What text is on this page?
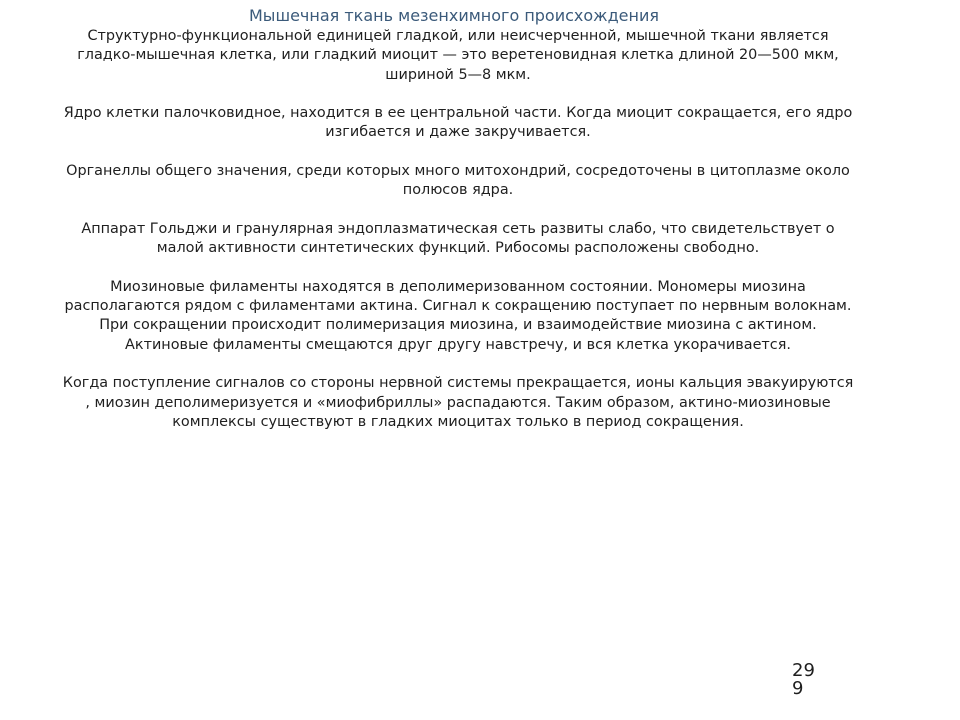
Мышечная ткань мезенхимного происхождения

Структурно-функциональной единицей гладкой, или неисчерченной, мышечной ткани является гладко-мышечная клетка, или гладкий миоцит — это веретеновидная клетка длиной 20—500 мкм, шириной 5—8 мкм.

Ядро клетки палочковидное, находится в ее центральной части. Когда миоцит сокращается, его ядро изгибается и даже закручивается.

Органеллы общего значения, среди которых много митохондрий, сосредоточены в цитоплазме около полюсов ядра.

Аппарат Гольджи и гранулярная эндоплазматическая сеть развиты слабо, что свидетельствует о малой активности синтетических функций. Рибосомы расположены свободно.

Миозиновые филаменты находятся в деполимеризованном состоянии. Мономеры миозина располагаются рядом с филаментами актина. Сигнал к сокращению поступает по нервным волокнам. При сокращении происходит полимеризация миозина, и взаимодействие миозина с актином. Актиновые филаменты смещаются друг другу навстречу, и вся клетка укорачивается.

Когда поступление сигналов со стороны нервной системы прекращается, ионы кальция эвакуируются , миозин деполимеризуется и «миофибриллы» распадаются. Таким образом, актино-миозиновые комплексы существуют в гладких миоцитах только в период сокращения.

29
9
